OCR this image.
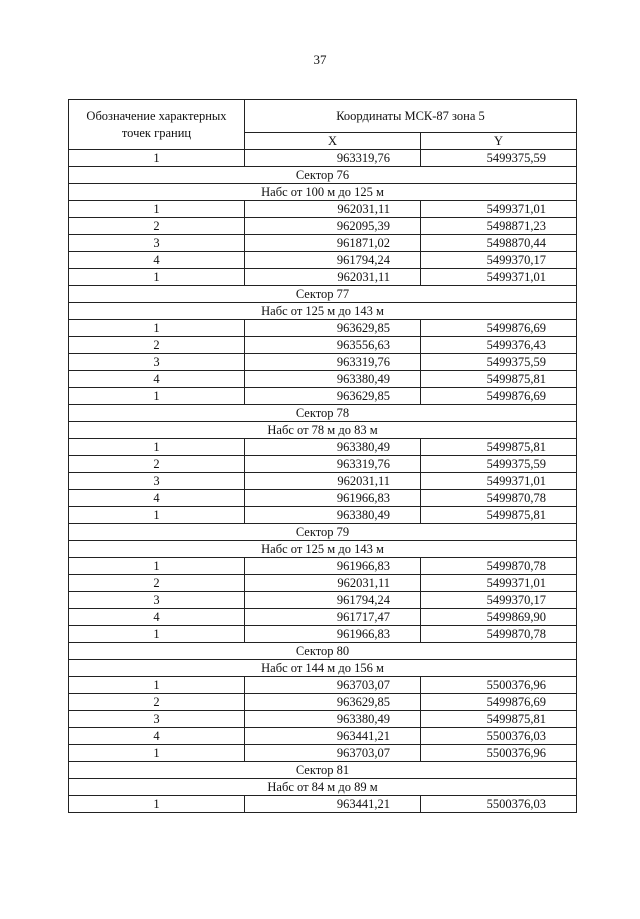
37
Обозначение характерных точек границ	Координаты МСК-87 зона 5	
	X	Y
1	963319,76	5499375,59
Сектор 76		
Набс от 100 м до 125 м		
1	962031,11	5499371,01
2	962095,39	5498871,23
3	961871,02	5498870,44
4	961794,24	5499370,17
1	962031,11	5499371,01
Сектор 77		
Набс от 125 м до 143 м		
1	963629,85	5499876,69
2	963556,63	5499376,43
3	963319,76	5499375,59
4	963380,49	5499875,81
1	963629,85	5499876,69
Сектор 78		
Набс от 78 м до 83 м		
1	963380,49	5499875,81
2	963319,76	5499375,59
3	962031,11	5499371,01
4	961966,83	5499870,78
1	963380,49	5499875,81
Сектор 79		
Набс от 125 м до 143 м		
1	961966,83	5499870,78
2	962031,11	5499371,01
3	961794,24	5499370,17
4	961717,47	5499869,90
1	961966,83	5499870,78
Сектор 80		
Набс от 144 м до 156 м		
1	963703,07	5500376,96
2	963629,85	5499876,69
3	963380,49	5499875,81
4	963441,21	5500376,03
1	963703,07	5500376,96
Сектор 81		
Набс от 84 м до 89 м		
1	963441,21	5500376,03
